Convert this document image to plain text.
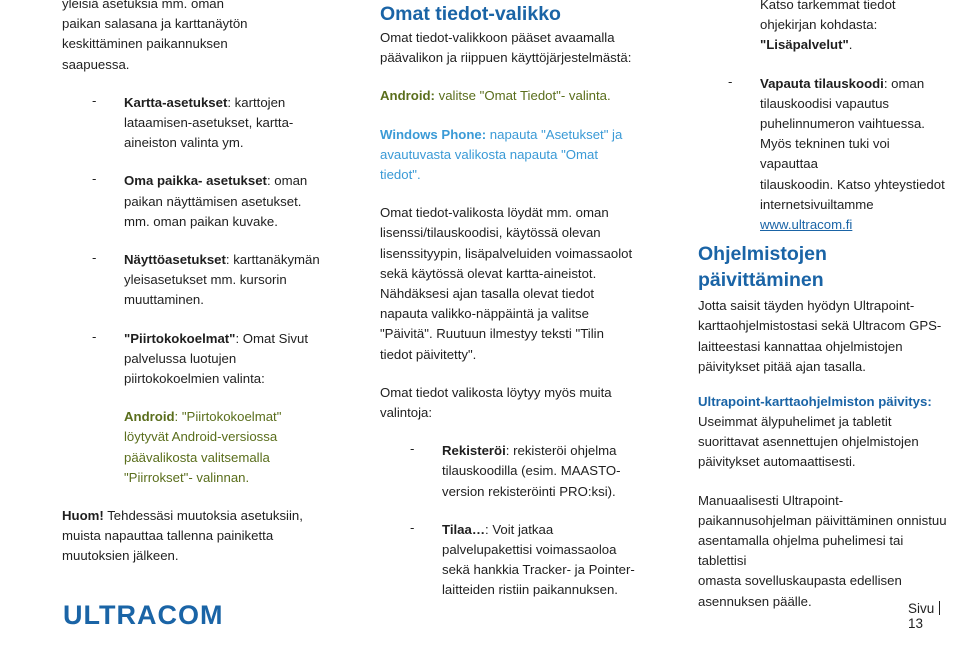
yleisiä asetuksia mm. oman

paikan salasana ja karttanäytön

keskittäminen paikannuksen

saapuessa.

- Kartta-asetukset: karttojen

lataamisen-asetukset, kartta-

aineiston valinta ym.

- Oma paikka- asetukset: oman

paikan näyttämisen asetukset.

mm. oman paikan kuvake.

- Näyttöasetukset: karttanäkymän

yleisasetukset mm. kursorin

muuttaminen.

- "Piirtokokoelmat": Omat Sivut

palvelussa luotujen

piirtokokoelmien valinta:

Android: "Piirtokokoelmat"

löytyvät Android-versiossa

päävalikosta valitsemalla

"Piirrokset"- valinnan.

Huom! Tehdessäsi muutoksia asetuksiin,

muista napauttaa tallenna painiketta

muutoksien jälkeen.

Omat tiedot-valikko

Omat tiedot-valikkoon pääset avaamalla

päävalikon ja riippuen käyttöjärjestelmästä:

Android: valitse "Omat Tiedot"- valinta.

Windows Phone: napauta "Asetukset" ja

avautuvasta valikosta napauta "Omat

tiedot".

Omat tiedot-valikosta löydät mm. oman

lisenssi/tilauskoodisi, käytössä olevan

lisenssityypin, lisäpalveluiden voimassaolot

sekä käytössä olevat kartta-aineistot.

Nähdäksesi ajan tasalla olevat tiedot

napauta valikko-näppäintä ja valitse

"Päivitä". Ruutuun ilmestyy teksti "Tilin

tiedot päivitetty".

Omat tiedot valikosta löytyy myös muita

valintoja:

- Rekisteröi: rekisteröi ohjelma

tilauskoodilla (esim. MAASTO-

version rekisteröinti PRO:ksi).

- Tilaa…: Voit jatkaa

palvelupakettisi voimassaoloa

sekä hankkia Tracker- ja Pointer-

laitteiden ristiin paikannuksen.

Katso tarkemmat tiedot

ohjekirjan kohdasta:

"Lisäpalvelut".

- Vapauta tilauskoodi: oman

tilauskoodisi vapautus

puhelinnumeron vaihtuessa.

Myös tekninen tuki voi vapauttaa

tilauskoodin. Katso yhteystiedot

internetsivuiltamme

www.ultracom.fi

Ohjelmistojen päivittäminen

Jotta saisit täyden hyödyn Ultrapoint-

karttaohjelmistostasi sekä Ultracom GPS-

laitteestasi kannattaa ohjelmistojen

päivitykset pitää ajan tasalla.

Ultrapoint-karttaohjelmiston päivitys:

Useimmat älypuhelimet ja tabletit

suorittavat asennettujen ohjelmistojen

päivitykset automaattisesti.

Manuaalisesti Ultrapoint-

paikannusohjelman päivittäminen onnistuu

asentamalla ohjelma puhelimesi tai tablettisi

omasta sovelluskaupasta edellisen

asennuksen päälle.

ULTRACOM	Sivu13
